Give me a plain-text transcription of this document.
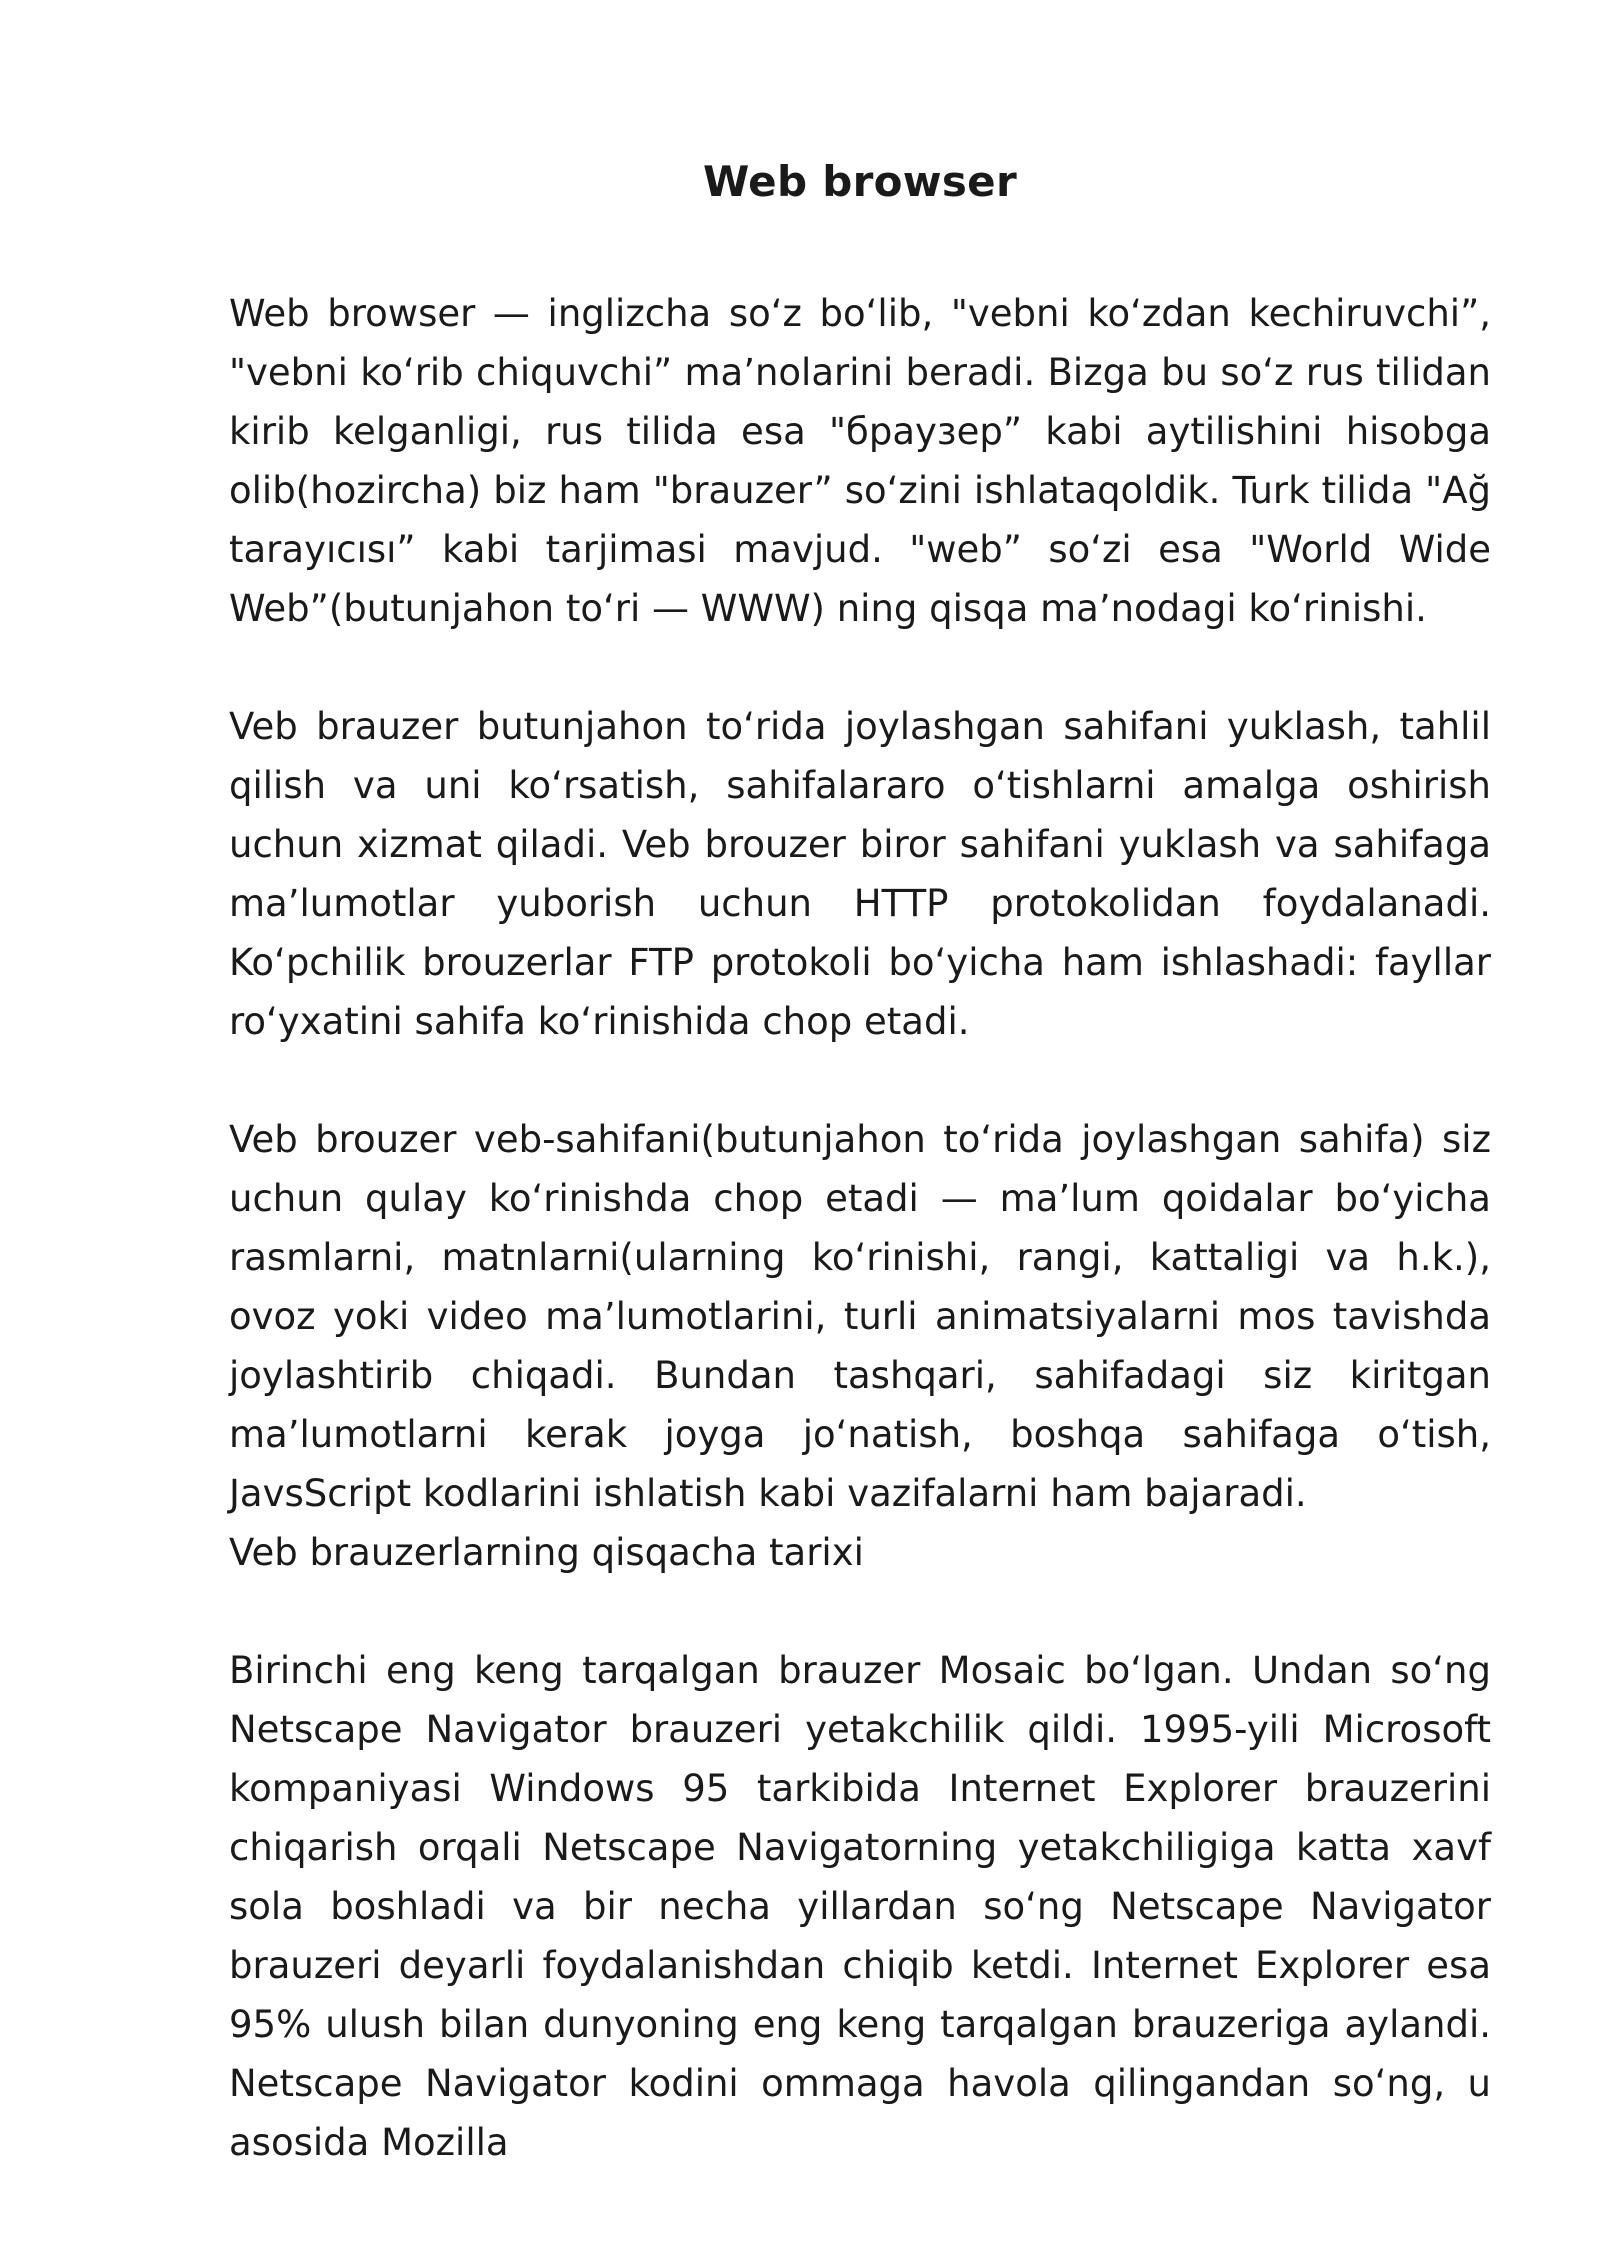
Web browser

Web browser — inglizcha so‘z bo‘lib, "vebni ko‘zdan kechiruvchi”, "vebni ko‘rib chiquvchi” ma’nolarini beradi. Bizga bu so‘z rus tilidan kirib kelganligi, rus tilida esa "браузер” kabi aytilishini hisobga olib(hozircha) biz ham "brauzer” so‘zini ishlataqoldik. Turk tilida "Ağ tarayıcısı” kabi tarjimasi mavjud. "web” so‘zi esa "World Wide Web”(butunjahon to‘ri — WWW) ning qisqa ma’nodagi ko‘rinishi.

Veb brauzer butunjahon to‘rida joylashgan sahifani yuklash, tahlil qilish va uni ko‘rsatish, sahifalararo o‘tishlarni amalga oshirish uchun xizmat qiladi. Veb brouzer biror sahifani yuklash va sahifaga ma’lumotlar yuborish uchun HTTP protokolidan foydalanadi. Ko‘pchilik brouzerlar FTP protokoli bo‘yicha ham ishlashadi: fayllar ro‘yxatini sahifa ko‘rinishida chop etadi.

Veb brouzer veb-sahifani(butunjahon to‘rida joylashgan sahifa) siz uchun qulay ko‘rinishda chop etadi — ma’lum qoidalar bo‘yicha rasmlarni, matnlarni(ularning ko‘rinishi, rangi, kattaligi va h.k.), ovoz yoki video ma’lumotlarini, turli animatsiyalarni mos tavishda joylashtirib chiqadi. Bundan tashqari, sahifadagi siz kiritgan ma’lumotlarni kerak joyga jo‘natish, boshqa sahifaga o‘tish, JavsScript kodlarini ishlatish kabi vazifalarni ham bajaradi.

Veb brauzerlarning qisqacha tarixi

Birinchi eng keng tarqalgan brauzer Mosaic bo‘lgan. Undan so‘ng Netscape Navigator brauzeri yetakchilik qildi. 1995-yili Microsoft kompaniyasi Windows 95 tarkibida Internet Explorer brauzerini chiqarish orqali Netscape Navigatorning yetakchiligiga katta xavf sola boshladi va bir necha yillardan so‘ng Netscape Navigator brauzeri deyarli foydalanishdan chiqib ketdi. Internet Explorer esa 95% ulush bilan dunyoning eng keng tarqalgan brauzeriga aylandi. Netscape Navigator kodini ommaga havola qilingandan so‘ng, u asosida Mozilla
